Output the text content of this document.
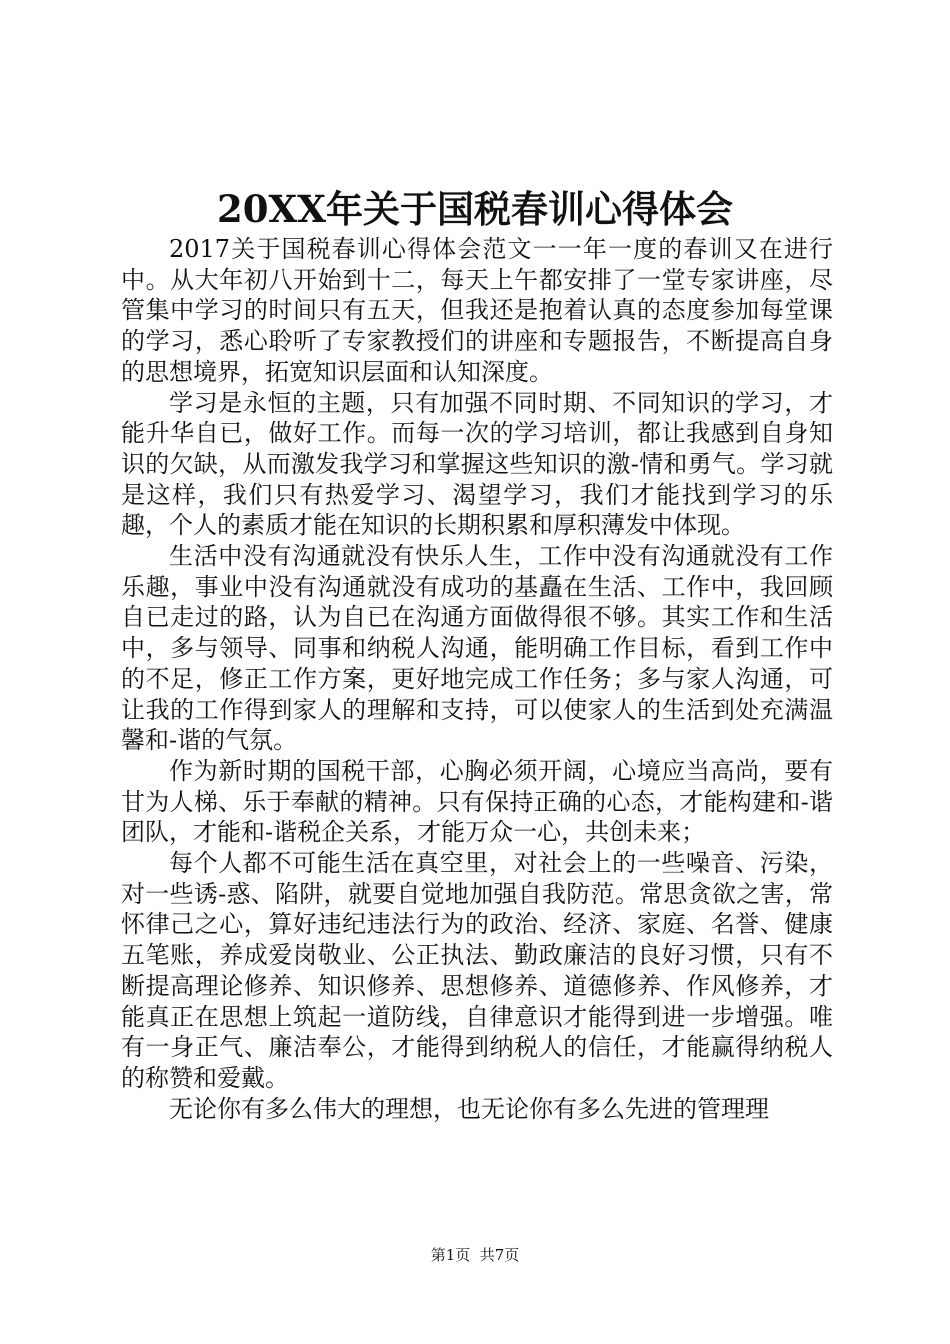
20XX年关于国税春训心得体会

2017关于国税春训心得体会范文一一年一度的春训又在进行中。从大年初八开始到十二，每天上午都安排了一堂专家讲座，尽管集中学习的时间只有五天，但我还是抱着认真的态度参加每堂课的学习，悉心聆听了专家教授们的讲座和专题报告，不断提高自身的思想境界，拓宽知识层面和认知深度。

学习是永恒的主题，只有加强不同时期、不同知识的学习，才能升华自已，做好工作。而每一次的学习培训，都让我感到自身知识的欠缺，从而激发我学习和掌握这些知识的激-情和勇气。学习就是这样，我们只有热爱学习、渴望学习，我们才能找到学习的乐趣，个人的素质才能在知识的长期积累和厚积薄发中体现。

生活中没有沟通就没有快乐人生，工作中没有沟通就没有工作乐趣，事业中没有沟通就没有成功的基矗在生活、工作中，我回顾自已走过的路，认为自已在沟通方面做得很不够。其实工作和生活中，多与领导、同事和纳税人沟通，能明确工作目标，看到工作中的不足，修正工作方案，更好地完成工作任务；多与家人沟通，可让我的工作得到家人的理解和支持，可以使家人的生活到处充满温馨和-谐的气氛。

作为新时期的国税干部，心胸必须开阔，心境应当高尚，要有甘为人梯、乐于奉献的精神。只有保持正确的心态，才能构建和-谐团队，才能和-谐税企关系，才能万众一心，共创未来；

每个人都不可能生活在真空里，对社会上的一些噪音、污染，对一些诱-惑、陷阱，就要自觉地加强自我防范。常思贪欲之害，常怀律己之心，算好违纪违法行为的政治、经济、家庭、名誉、健康五笔账，养成爱岗敬业、公正执法、勤政廉洁的良好习惯，只有不断提高理论修养、知识修养、思想修养、道德修养、作风修养，才能真正在思想上筑起一道防线，自律意识才能得到进一步增强。唯有一身正气、廉洁奉公，才能得到纳税人的信任，才能赢得纳税人的称赞和爱戴。

无论你有多么伟大的理想，也无论你有多么先进的管理理

第1页  共7页
